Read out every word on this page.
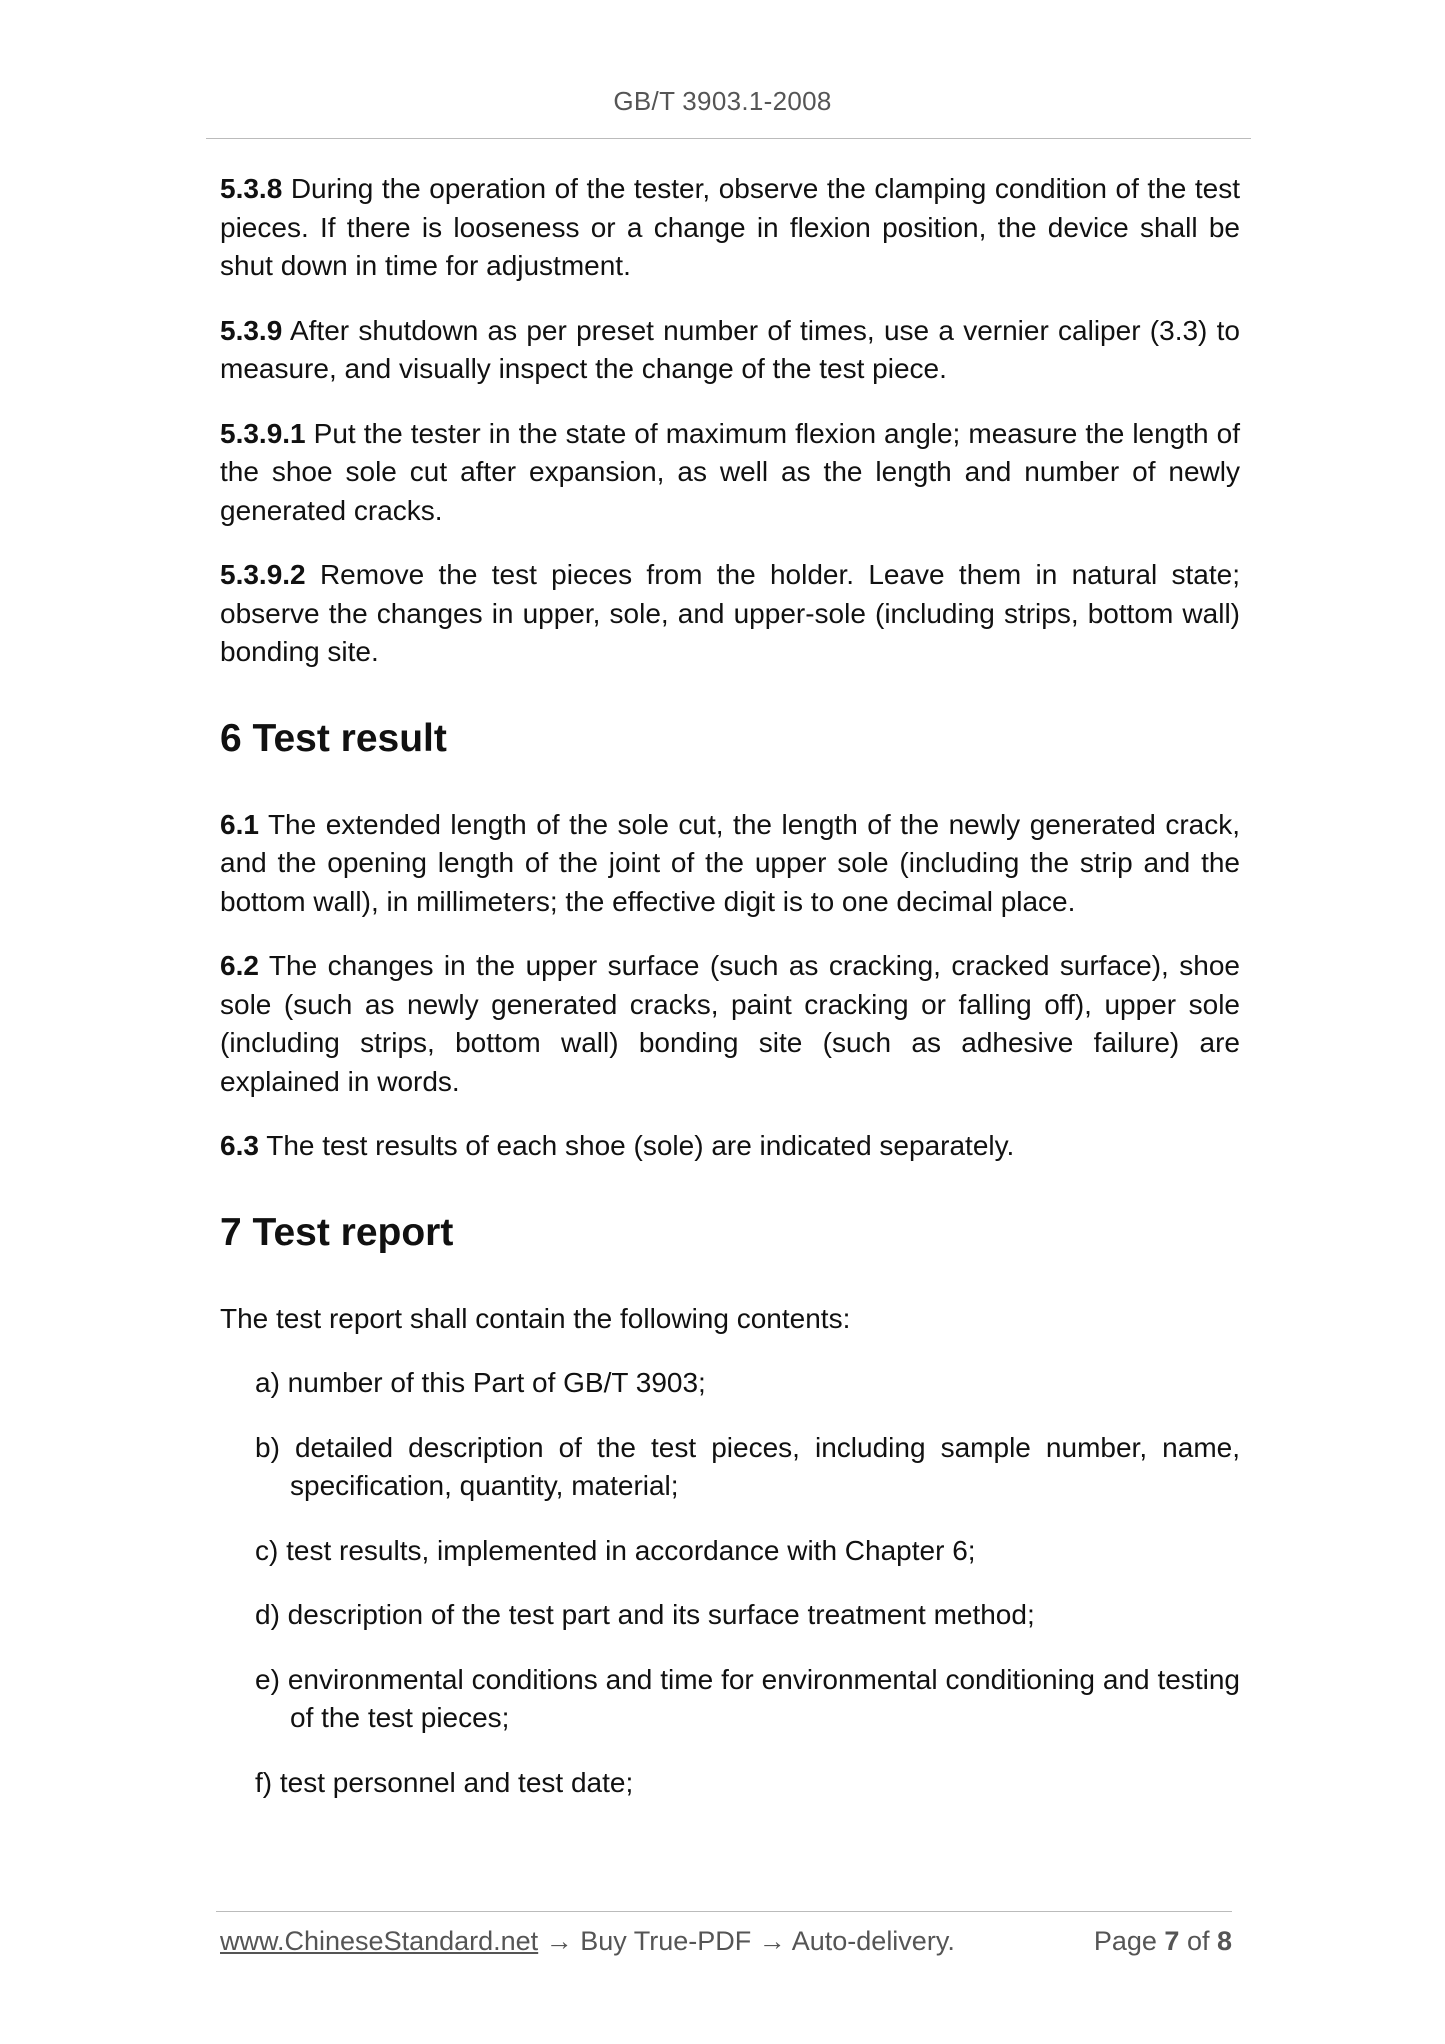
GB/T 3903.1-2008

5.3.8 During the operation of the tester, observe the clamping condition of the test pieces. If there is looseness or a change in flexion position, the device shall be shut down in time for adjustment.

5.3.9 After shutdown as per preset number of times, use a vernier caliper (3.3) to measure, and visually inspect the change of the test piece.

5.3.9.1 Put the tester in the state of maximum flexion angle; measure the length of the shoe sole cut after expansion, as well as the length and number of newly generated cracks.

5.3.9.2 Remove the test pieces from the holder. Leave them in natural state; observe the changes in upper, sole, and upper-sole (including strips, bottom wall) bonding site.

6 Test result

6.1 The extended length of the sole cut, the length of the newly generated crack, and the opening length of the joint of the upper sole (including the strip and the bottom wall), in millimeters; the effective digit is to one decimal place.

6.2 The changes in the upper surface (such as cracking, cracked surface), shoe sole (such as newly generated cracks, paint cracking or falling off), upper sole (including strips, bottom wall) bonding site (such as adhesive failure) are explained in words.

6.3 The test results of each shoe (sole) are indicated separately.

7 Test report

The test report shall contain the following contents:

a) number of this Part of GB/T 3903;
b) detailed description of the test pieces, including sample number, name, specification, quantity, material;
c) test results, implemented in accordance with Chapter 6;
d) description of the test part and its surface treatment method;
e) environmental conditions and time for environmental conditioning and testing of the test pieces;
f) test personnel and test date;
www.ChineseStandard.net → Buy True-PDF → Auto-delivery.	Page 7 of 8
